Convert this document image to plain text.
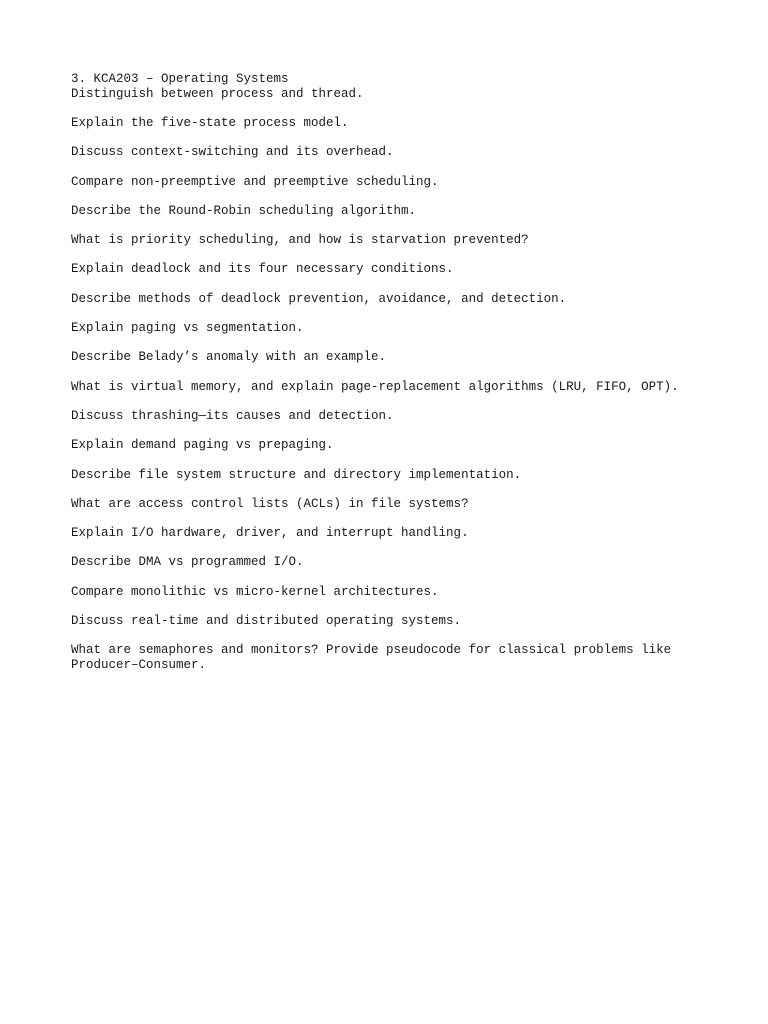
3. KCA203 – Operating Systems

Distinguish between process and thread.
Explain the five-state process model.
Discuss context-switching and its overhead.
Compare non-preemptive and preemptive scheduling.
Describe the Round-Robin scheduling algorithm.
What is priority scheduling, and how is starvation prevented?
Explain deadlock and its four necessary conditions.
Describe methods of deadlock prevention, avoidance, and detection.
Explain paging vs segmentation.
Describe Belady’s anomaly with an example.
What is virtual memory, and explain page-replacement algorithms (LRU, FIFO, OPT).
Discuss thrashing—its causes and detection.
Explain demand paging vs prepaging.
Describe file system structure and directory implementation.
What are access control lists (ACLs) in file systems?
Explain I/O hardware, driver, and interrupt handling.
Describe DMA vs programmed I/O.
Compare monolithic vs micro-kernel architectures.
Discuss real-time and distributed operating systems.
What are semaphores and monitors? Provide pseudocode for classical problems like Producer–Consumer.
